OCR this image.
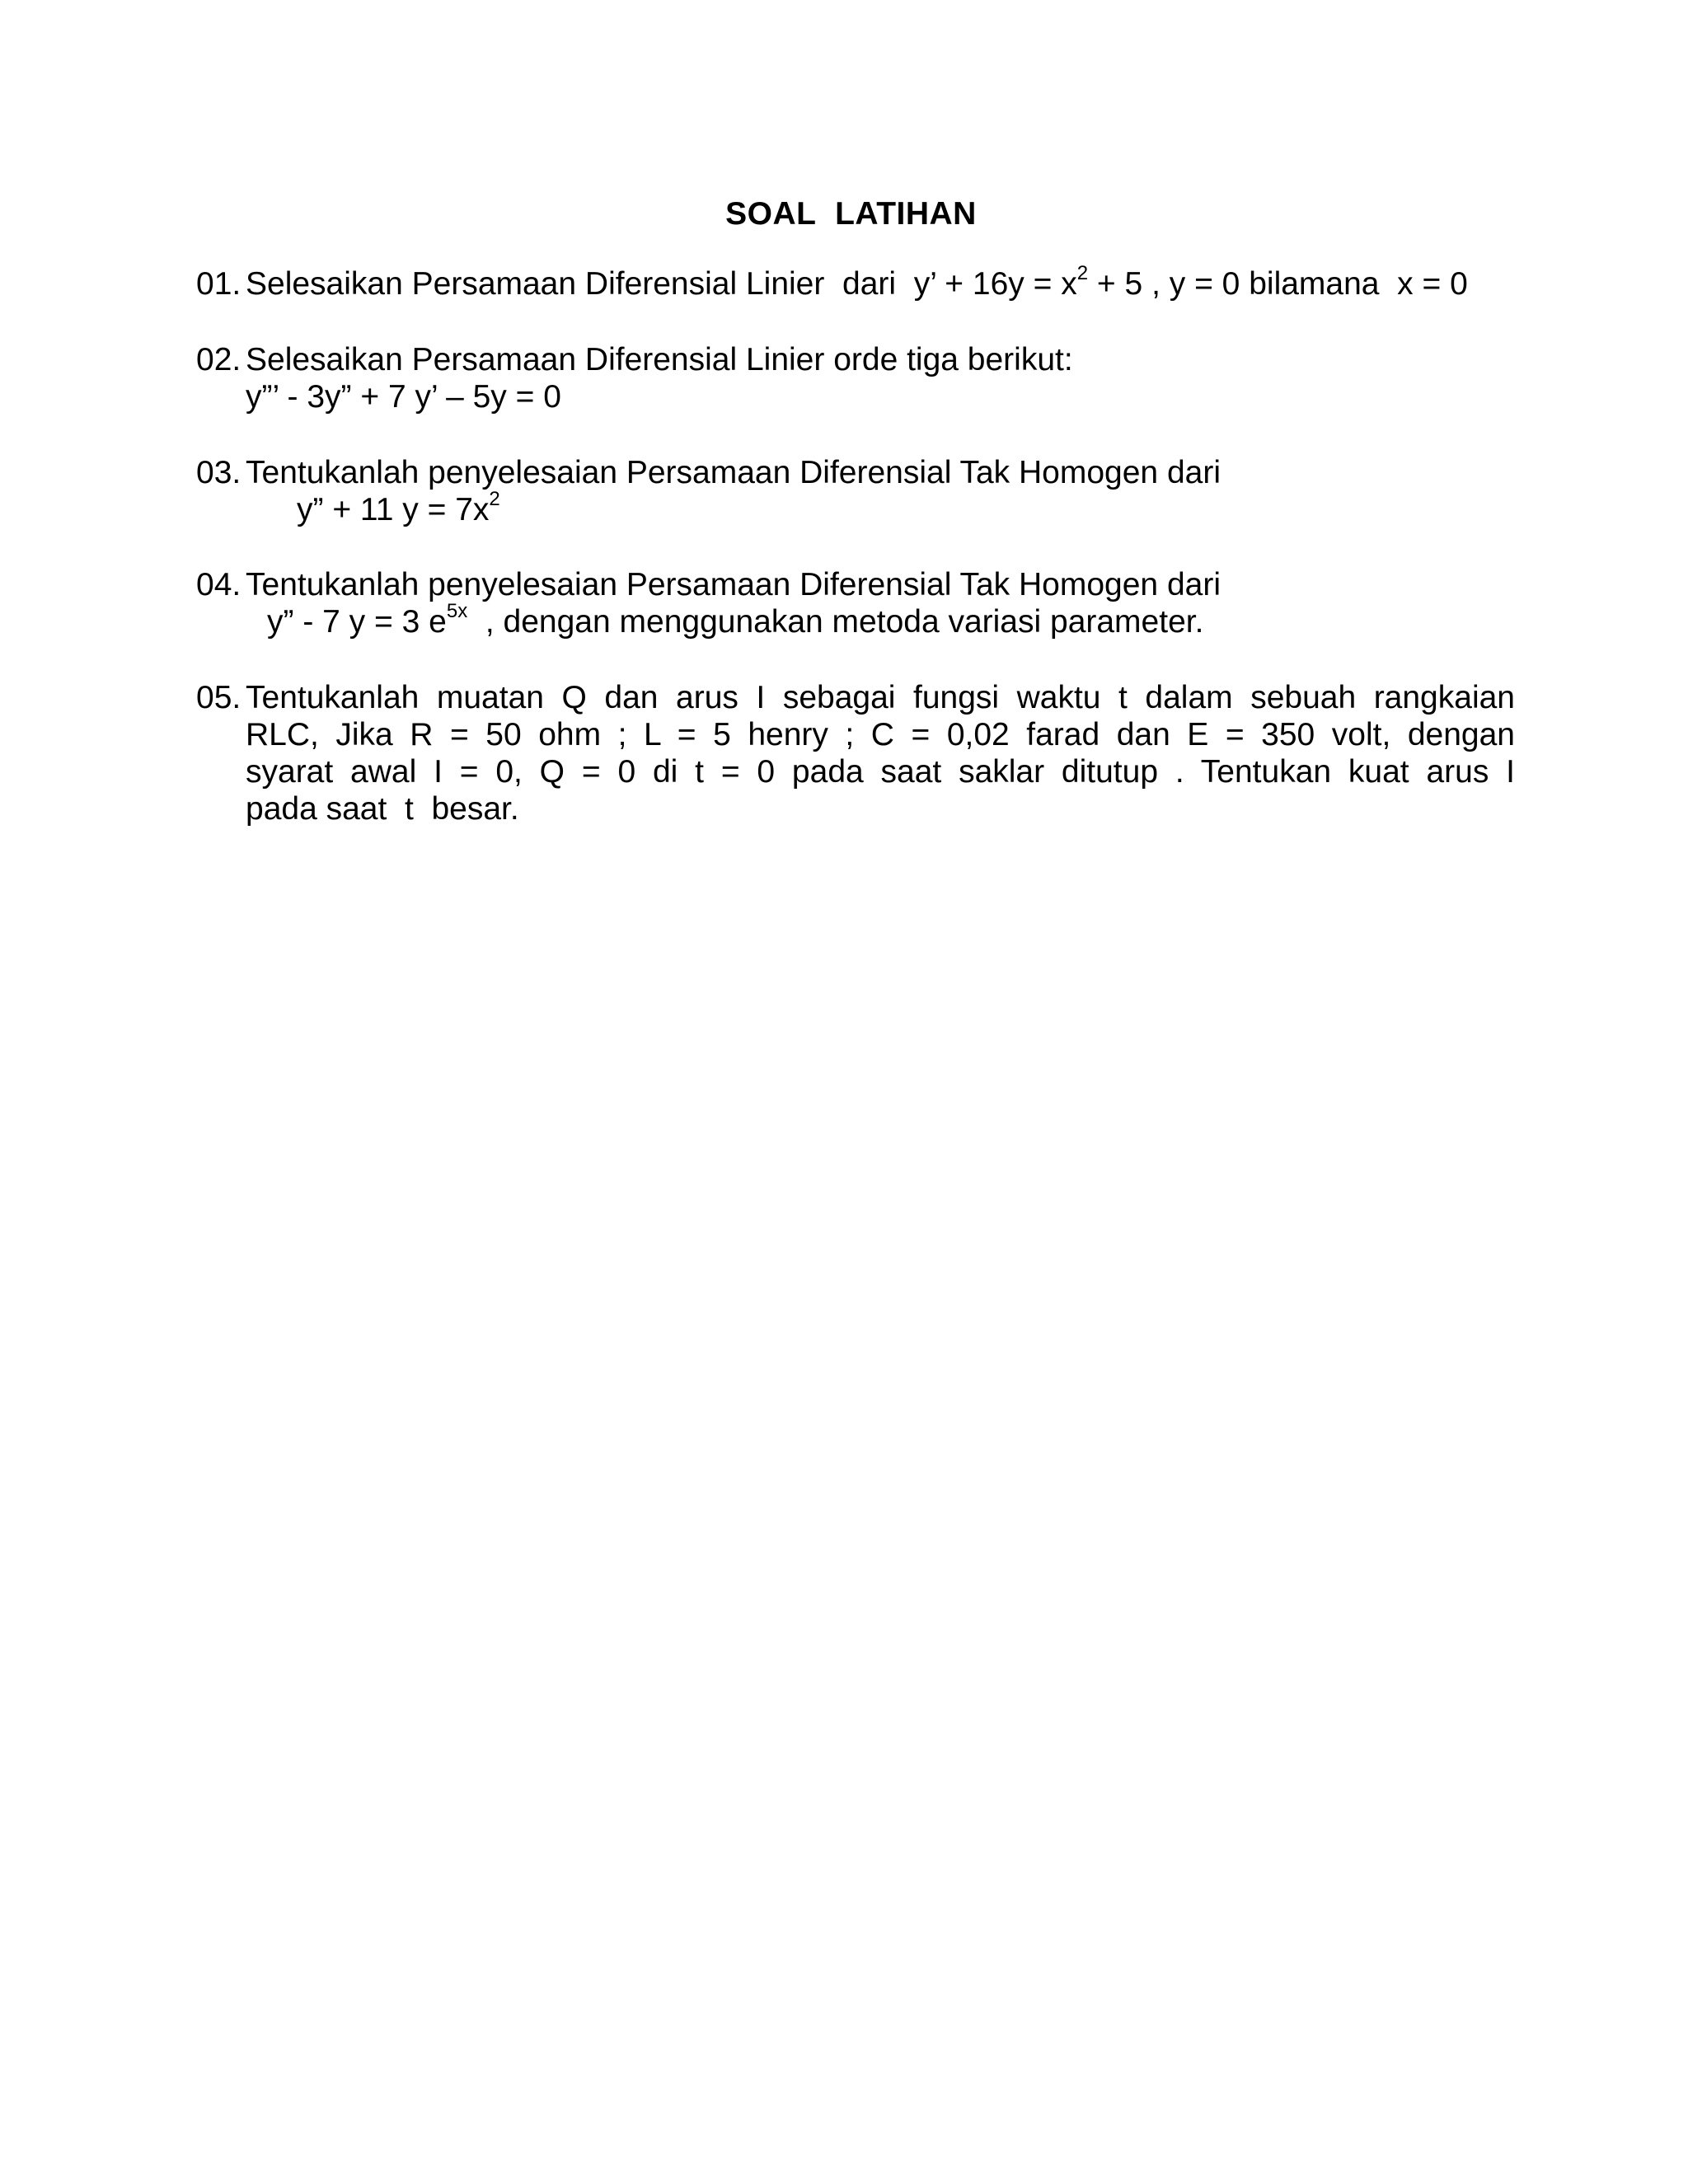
SOAL LATIHAN
01. Selesaikan Persamaan Diferensial Linier  dari  y’ + $16y = x^2 + 5$ , y = 0 bilamana  x = 0
02. Selesaikan Persamaan Diferensial Linier orde tiga berikut:
y”’ - 3y” + 7 y’ – 5y = 0
03. Tentukanlah penyelesaian Persamaan Diferensial Tak Homogen dari
y” + 11 $y = 7x^2$
04. Tentukanlah penyelesaian Persamaan Diferensial Tak Homogen dari
y” - 7 y = 3 $e^{5x}$  , dengan menggunakan metoda variasi parameter.
05. Tentukanlah muatan Q dan arus I sebagai fungsi waktu t dalam sebuah rangkaian
RLC, Jika R = 50 ohm ; L = 5 henry ; C = 0,02 farad dan E = 350 volt, dengan
syarat awal I = 0, Q = 0 di t = 0 pada saat saklar ditutup . Tentukan kuat arus I
pada saat  t  besar.
